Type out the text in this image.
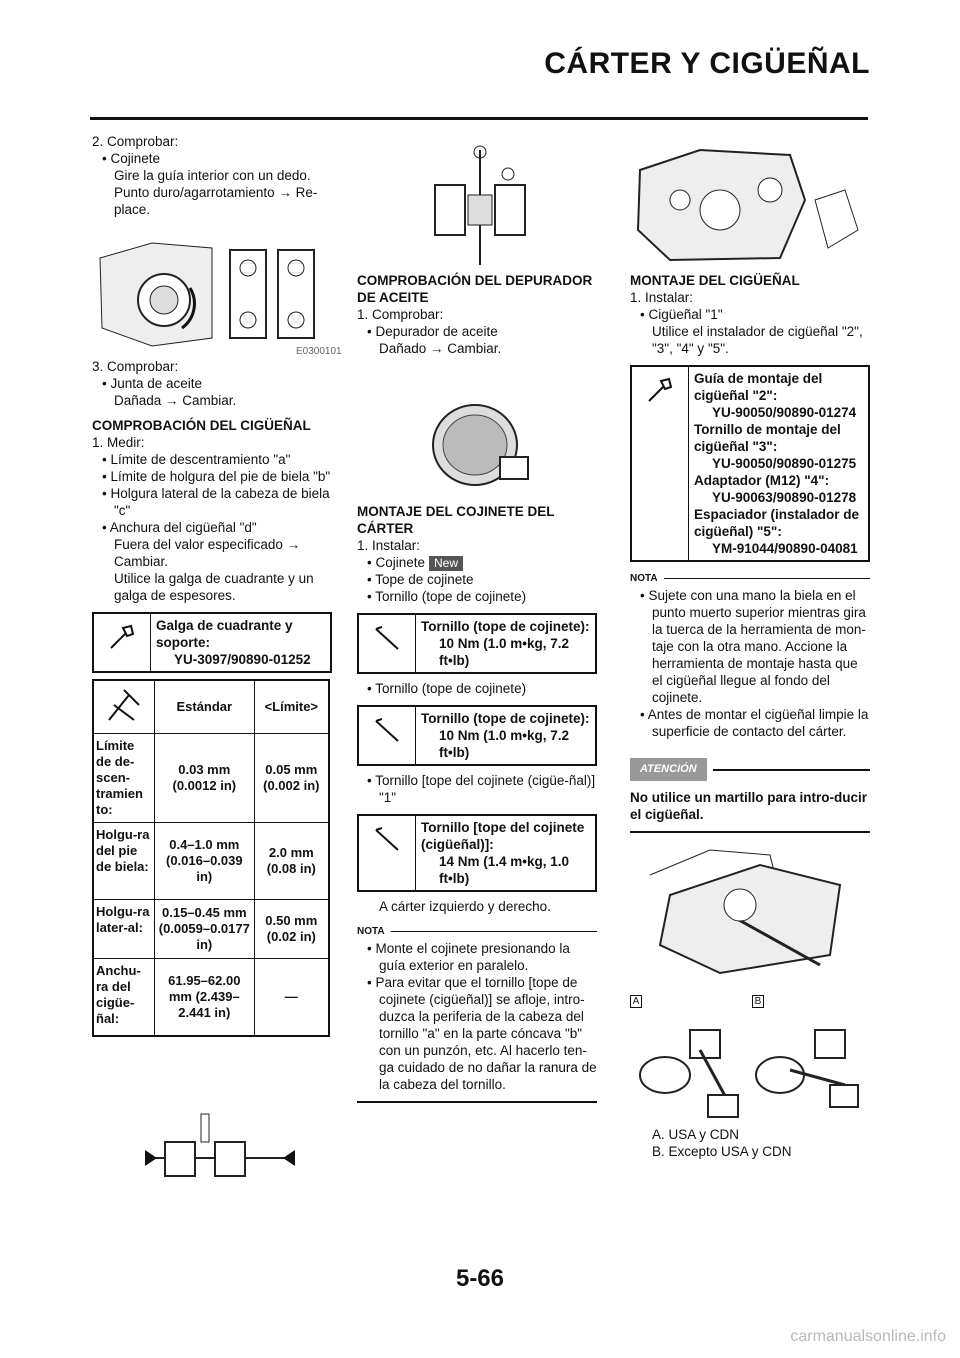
CÁRTER Y CIGÜEÑAL
E0300101
A	B

2. Comprobar:

• Cojinete

Gire la guía interior con un dedo.

Punto duro/agarrotamiento → Re-

place.

3. Comprobar:

• Junta de aceite

Dañada → Cambiar.

COMPROBACIÓN DEL CIGÜEÑAL

1. Medir:

• Límite de descentramiento "a"

• Límite de holgura del pie de biela "b"

• Holgura lateral de la cabeza de biela "c"

• Anchura del cigüeñal "d"

Fuera del valor especificado →

Cambiar.

Utilice la galga de cuadrante y un galga de espesores.

Galga de cuadrante y soporte:
YU-3097/90890-01252
	Estándar	<Límite>
Límite de de-scen-tramien to:	0.03 mm (0.0012 in)	0.05 mm (0.002 in)
Holgu-ra del pie de biela:	0.4–1.0 mm (0.016–0.039 in)	2.0 mm (0.08 in)
Holgu-ra later-al:	0.15–0.45 mm (0.0059–0.0177 in)	0.50 mm (0.02 in)
Anchu-ra del cigüe-ñal:	61.95–62.00 mm (2.439–2.441 in)	—

COMPROBACIÓN DEL DEPURADOR DE ACEITE

1. Comprobar:

• Depurador de aceite

Dañado → Cambiar.

MONTAJE DEL COJINETE DEL CÁRTER

1. Instalar:

• Cojinete New

• Tope de cojinete

• Tornillo (tope de cojinete)

Tornillo (tope de cojinete):
10 Nm (1.0 m•kg, 7.2 ft•lb)

• Tornillo (tope de cojinete)

Tornillo (tope de cojinete):
10 Nm (1.0 m•kg, 7.2 ft•lb)

• Tornillo [tope del cojinete (cigüe-ñal)] "1"

Tornillo [tope del cojinete (cigüeñal)]:
14 Nm (1.4 m•kg, 1.0 ft•lb)

A cárter izquierdo y derecho.

NOTA

• Monte el cojinete presionando la guía exterior en paralelo.

• Para evitar que el tornillo [tope de cojinete (cigüeñal)] se afloje, intro-duzca la periferia de la cabeza del tornillo "a" en la parte cóncava "b" con un punzón, etc. Al hacerlo ten-ga cuidado de no dañar la ranura de la cabeza del tornillo.

MONTAJE DEL CIGÜEÑAL

1. Instalar:

• Cigüeñal "1"

Utilice el instalador de cigüeñal "2", "3", "4" y "5".

Guía de montaje del cigüeñal "2":
YU-90050/90890-01274
Tornillo de montaje del cigüeñal "3":
YU-90050/90890-01275
Adaptador (M12) "4":
YU-90063/90890-01278
Espaciador (instalador de cigüeñal) "5":
YM-91044/90890-04081
NOTA

• Sujete con una mano la biela en el punto muerto superior mientras gira la tuerca de la herramienta de mon-taje con la otra mano. Accione la herramienta de montaje hasta que el cigüeñal llegue al fondo del cojinete.

• Antes de montar el cigüeñal limpie la superficie de contacto del cárter.

ATENCIÓN

No utilice un martillo para intro-ducir el cigüeñal.

A. USA y CDN
B. Excepto USA y CDN
5-66
carmanualsonline.info
